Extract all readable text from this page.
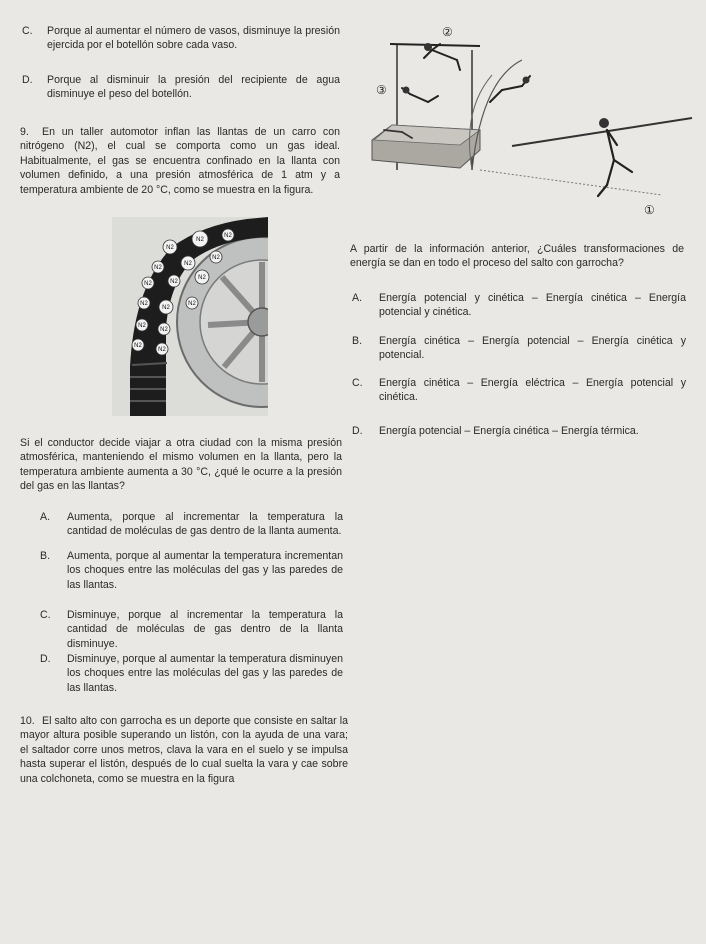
C. Porque al aumentar el número de vasos, disminuye la presión ejercida por el botellón sobre cada vaso.
D. Porque al disminuir la presión del recipiente de agua disminuye el peso del botellón.
9. En un taller automotor inflan las llantas de un carro con nitrógeno (N2), el cual se comporta como un gas ideal. Habitualmente, el gas se encuentra confinado en la llanta con volumen definido, a una presión atmosférica de 1 atm y a temperatura ambiente de 20 °C, como se muestra en la figura.
N2
N2
N2
N2
N2
N2
N2	N2
N2
N2
N2
N2
N2
N2
N2
N2
Si el conductor decide viajar a otra ciudad con la misma presión atmosférica, manteniendo el mismo volumen en la llanta, pero la temperatura ambiente aumenta a 30 °C, ¿qué le ocurre a la presión del gas en las llantas?
A. Aumenta, porque al incrementar la temperatura la cantidad de moléculas de gas dentro de la llanta aumenta.
B. Aumenta, porque al aumentar la temperatura incrementan los choques entre las moléculas del gas y las paredes de las llantas.
C. Disminuye, porque al incrementar la temperatura la cantidad de moléculas de gas dentro de la llanta disminuye.
D. Disminuye, porque al aumentar la temperatura disminuyen los choques entre las moléculas del gas y las paredes de las llantas.
10. El salto alto con garrocha es un deporte que consiste en saltar la mayor altura posible superando un listón, con la ayuda de una vara; el saltador corre unos metros, clava la vara en el suelo y se impulsa hasta superar el listón, después de lo cual suelta la vara y cae sobre una colchoneta, como se muestra en la figura
②
③
①
A partir de la información anterior, ¿Cuáles transformaciones de energía se dan en todo el proceso del salto con garrocha?
A. Energía potencial y cinética – Energía cinética – Energía potencial y cinética.
B. Energía cinética – Energía potencial – Energía cinética y potencial.
C. Energía cinética – Energía eléctrica – Energía potencial y cinética.
D. Energía potencial – Energía cinética – Energía térmica.
